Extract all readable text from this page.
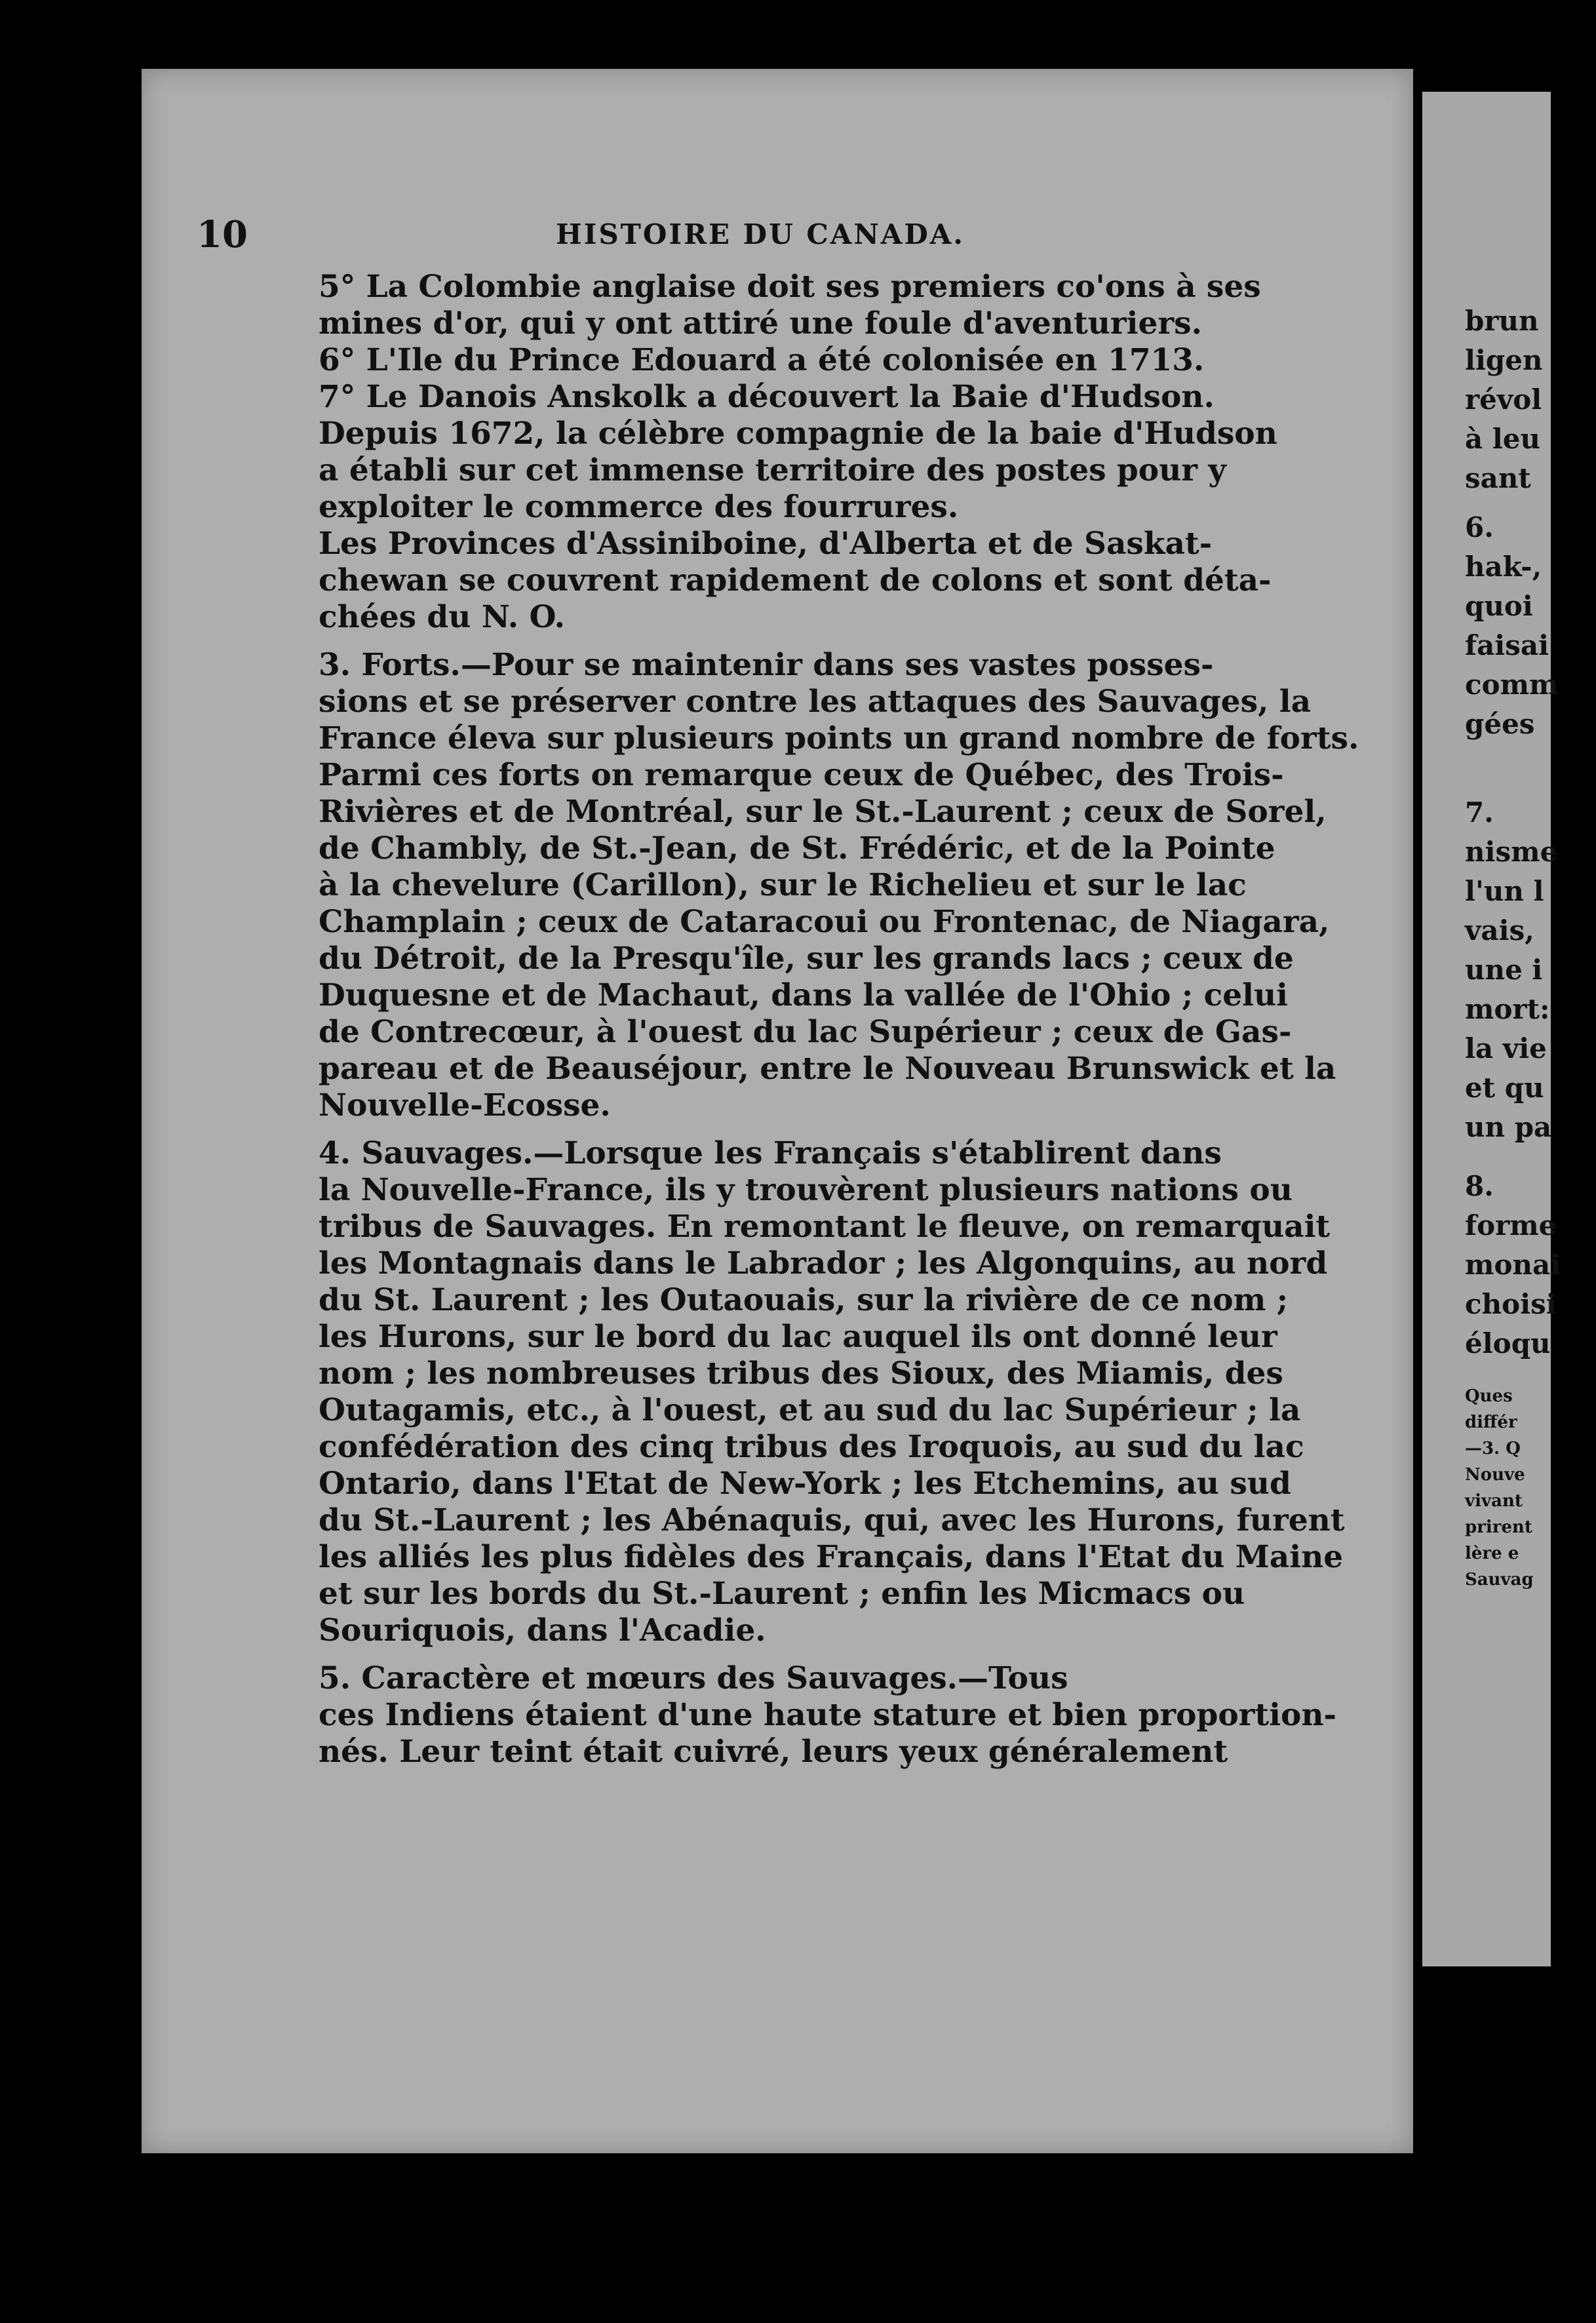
10	HISTOIRE DU CANADA.
5° La Colombie anglaise doit ses premiers co'ons à ses
mines d'or, qui y ont attiré une foule d'aventuriers.
6° L'Ile du Prince Edouard a été colonisée en 1713.
7° Le Danois Anskolk a découvert la Baie d'Hudson.
Depuis 1672, la célèbre compagnie de la baie d'Hudson
a établi sur cet immense territoire des postes pour y
exploiter le commerce des fourrures.
Les Provinces d'Assiniboine, d'Alberta et de Saskat-
chewan se couvrent rapidement de colons et sont déta-
chées du N. O.
3. Forts.—Pour se maintenir dans ses vastes posses-
sions et se préserver contre les attaques des Sauvages, la
France éleva sur plusieurs points un grand nombre de forts.
Parmi ces forts on remarque ceux de Québec, des Trois-
Rivières et de Montréal, sur le St.-Laurent ; ceux de Sorel,
de Chambly, de St.-Jean, de St. Frédéric, et de la Pointe
à la chevelure (Carillon), sur le Richelieu et sur le lac
Champlain ; ceux de Cataracoui ou Frontenac, de Niagara,
du Détroit, de la Presqu'île, sur les grands lacs ; ceux de
Duquesne et de Machaut, dans la vallée de l'Ohio ; celui
de Contrecœur, à l'ouest du lac Supérieur ; ceux de Gas-
pareau et de Beauséjour, entre le Nouveau Brunswick et la
Nouvelle-Ecosse.
4. Sauvages.—Lorsque les Français s'établirent dans
la Nouvelle-France, ils y trouvèrent plusieurs nations ou
tribus de Sauvages. En remontant le fleuve, on remarquait
les Montagnais dans le Labrador ; les Algonquins, au nord
du St. Laurent ; les Outaouais, sur la rivière de ce nom ;
les Hurons, sur le bord du lac auquel ils ont donné leur
nom ; les nombreuses tribus des Sioux, des Miamis, des
Outagamis, etc., à l'ouest, et au sud du lac Supérieur ; la
confédération des cinq tribus des Iroquois, au sud du lac
Ontario, dans l'Etat de New-York ; les Etchemins, au sud
du St.-Laurent ; les Abénaquis, qui, avec les Hurons, furent
les alliés les plus fidèles des Français, dans l'Etat du Maine
et sur les bords du St.-Laurent ; enfin les Micmacs ou
Souriquois, dans l'Acadie.
5. Caractère et mœurs des Sauvages.—Tous
ces Indiens étaient d'une haute stature et bien proportion-
nés. Leur teint était cuivré, leurs yeux généralement
brun
ligen
révol
à leu
sant
6.
hak-,
quoi
faisai
comm
gées
7.
nisme
l'un l
vais,
une i
mort:
la vie
et qu
un pa
8.
forme
monai
choisi
éloqu
Ques
différ
—3. Q
Nouve
vivant
prirent
lère e
Sauvag
